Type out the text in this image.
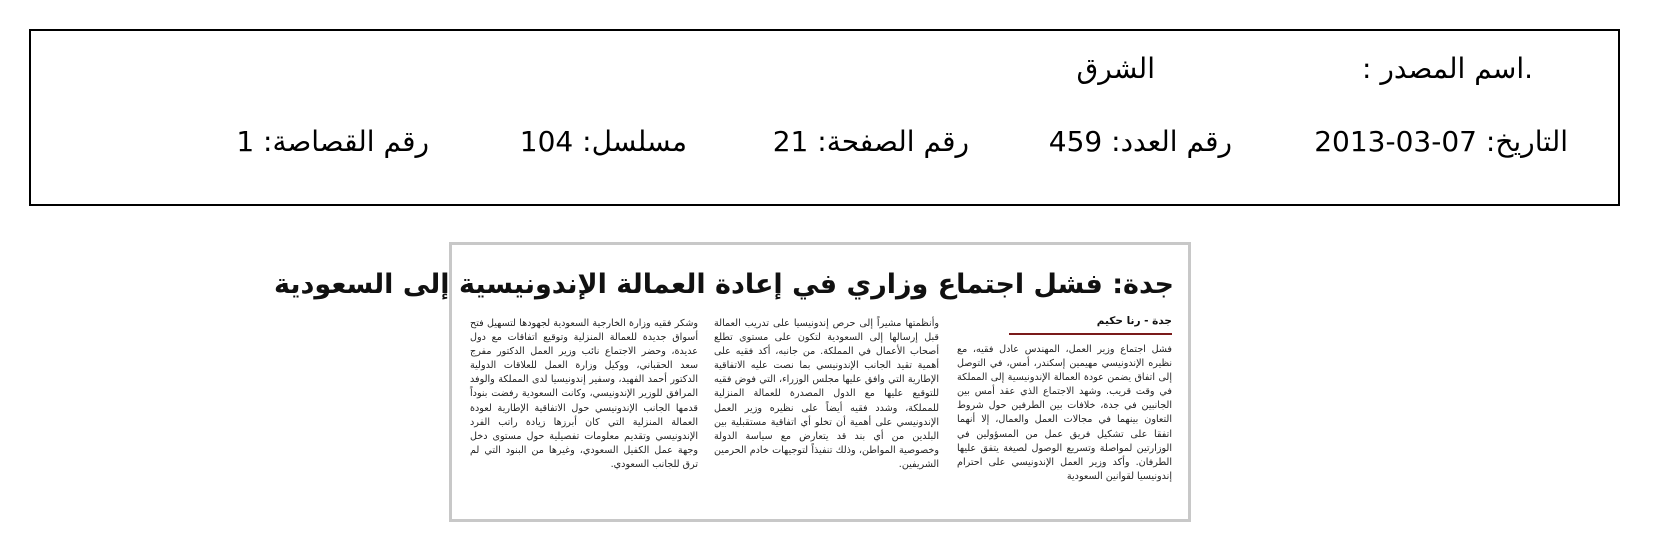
.اسم المصدر :
الشرق
التاريخ: 07-03-2013
رقم العدد: 459
رقم الصفحة: 21
مسلسل: 104
رقم القصاصة: 1
جدة: فشل اجتماع وزاري في إعادة العمالة الإندونيسية إلى السعودية
جدة - رنا حكيم
فشل اجتماع وزير العمل، المهندس عادل فقيه، مع نظيره الإندونيسي مهيمين إسكندر، أمس، في التوصل إلى اتفاق يضمن عودة العمالة الإندونيسية إلى المملكة في وقت قريب. وشهد الاجتماع الذي عقد أمس بين الجانبين في جدة، خلافات بين الطرفين حول شروط التعاون بينهما في مجالات العمل والعمال، إلا أنهما اتفقا على تشكيل فريق عمل من المسؤولين في الوزارتين لمواصلة وتسريع الوصول لصيغة يتفق عليها الطرفان. وأكد وزير العمل الإندونيسي على احترام إندونيسيا لقوانين السعودية
وأنظمتها مشيراً إلى حرص إندونيسيا على تدريب العمالة قبل إرسالها إلى السعودية لتكون على مستوى تطلع أصحاب الأعمال في المملكة. من جانبه، أكد فقيه على أهمية تقيد الجانب الإندونيسي بما نصت عليه الاتفاقية الإطارية التي وافق عليها مجلس الوزراء، التي فوض فقيه للتوقيع عليها مع الدول المصدرة للعمالة المنزلية للمملكة، وشدد فقيه أيضاً على نظيره وزير العمل الإندونيسي على أهمية أن تخلو أي اتفاقية مستقبلية بين البلدين من أي بند قد يتعارض مع سياسة الدولة وخصوصية المواطن، وذلك تنفيذاً لتوجيهات خادم الحرمين الشريفين.
وشكر فقيه وزارة الخارجية السعودية لجهودها لتسهيل فتح أسواق جديدة للعمالة المنزلية وتوقيع اتفاقات مع دول عديدة، وحضر الاجتماع نائب وزير العمل الدكتور مفرج سعد الحقباني، ووكيل وزارة العمل للعلاقات الدولية الدكتور أحمد الفهيد، وسفير إندونيسيا لدى المملكة والوفد المرافق للوزير الإندونيسي، وكانت السعودية رفضت بنوداً قدمها الجانب الإندونيسي حول الاتفاقية الإطارية لعودة العمالة المنزلية التي كان أبرزها زيادة راتب الفرد الإندونيسي وتقديم معلومات تفصيلية حول مستوى دخل وجهة عمل الكفيل السعودي، وغيرها من البنود التي لم ترق للجانب السعودي.
